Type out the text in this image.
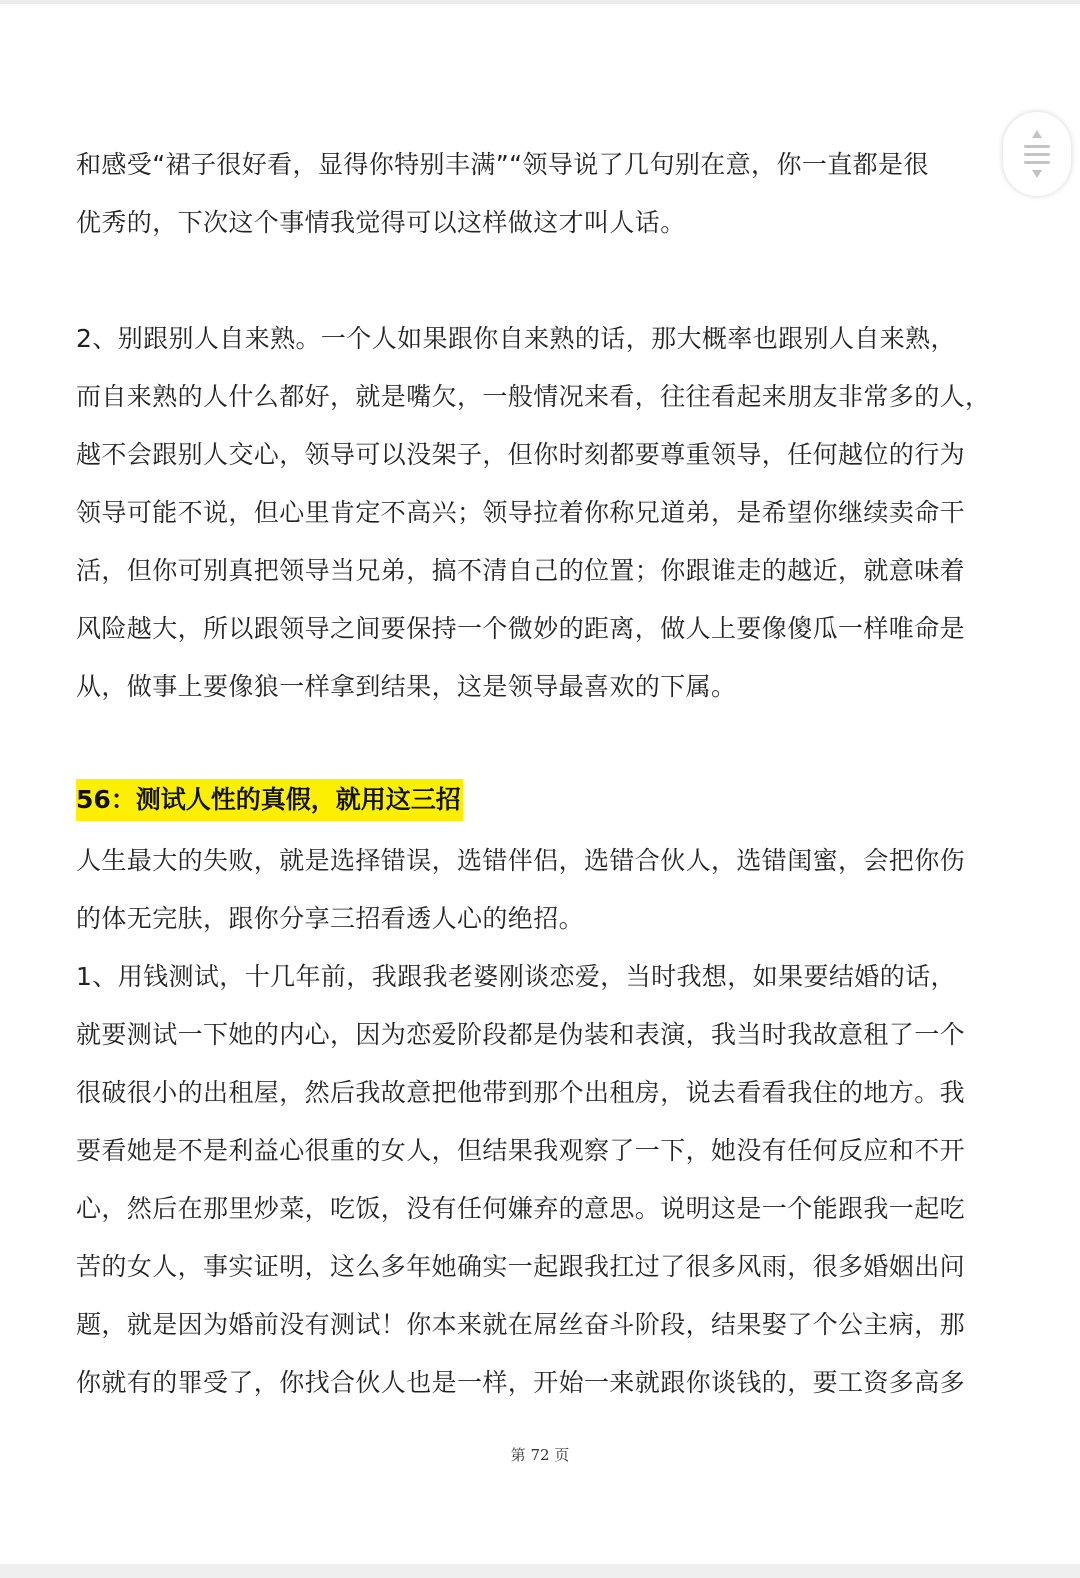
和感受“裙子很好看，显得你特别丰满”“领导说了几句别在意，你一直都是很
优秀的，下次这个事情我觉得可以这样做这才叫人话。
2、别跟别人自来熟。一个人如果跟你自来熟的话，那大概率也跟别人自来熟，
而自来熟的人什么都好，就是嘴欠，一般情况来看，往往看起来朋友非常多的人，
越不会跟别人交心，领导可以没架子，但你时刻都要尊重领导，任何越位的行为
领导可能不说，但心里肯定不高兴；领导拉着你称兄道弟，是希望你继续卖命干
活，但你可别真把领导当兄弟，搞不清自己的位置；你跟谁走的越近，就意味着
风险越大，所以跟领导之间要保持一个微妙的距离，做人上要像傻瓜一样唯命是
从，做事上要像狼一样拿到结果，这是领导最喜欢的下属。
56：测试人性的真假，就用这三招
人生最大的失败，就是选择错误，选错伴侣，选错合伙人，选错闺蜜，会把你伤
的体无完肤，跟你分享三招看透人心的绝招。
1、用钱测试，十几年前，我跟我老婆刚谈恋爱，当时我想，如果要结婚的话，
就要测试一下她的内心，因为恋爱阶段都是伪装和表演，我当时我故意租了一个
很破很小的出租屋，然后我故意把他带到那个出租房，说去看看我住的地方。我
要看她是不是利益心很重的女人，但结果我观察了一下，她没有任何反应和不开
心，然后在那里炒菜，吃饭，没有任何嫌弃的意思。说明这是一个能跟我一起吃
苦的女人，事实证明，这么多年她确实一起跟我扛过了很多风雨，很多婚姻出问
题，就是因为婚前没有测试！你本来就在屌丝奋斗阶段，结果娶了个公主病，那
你就有的罪受了，你找合伙人也是一样，开始一来就跟你谈钱的，要工资多高多
第 72 页
